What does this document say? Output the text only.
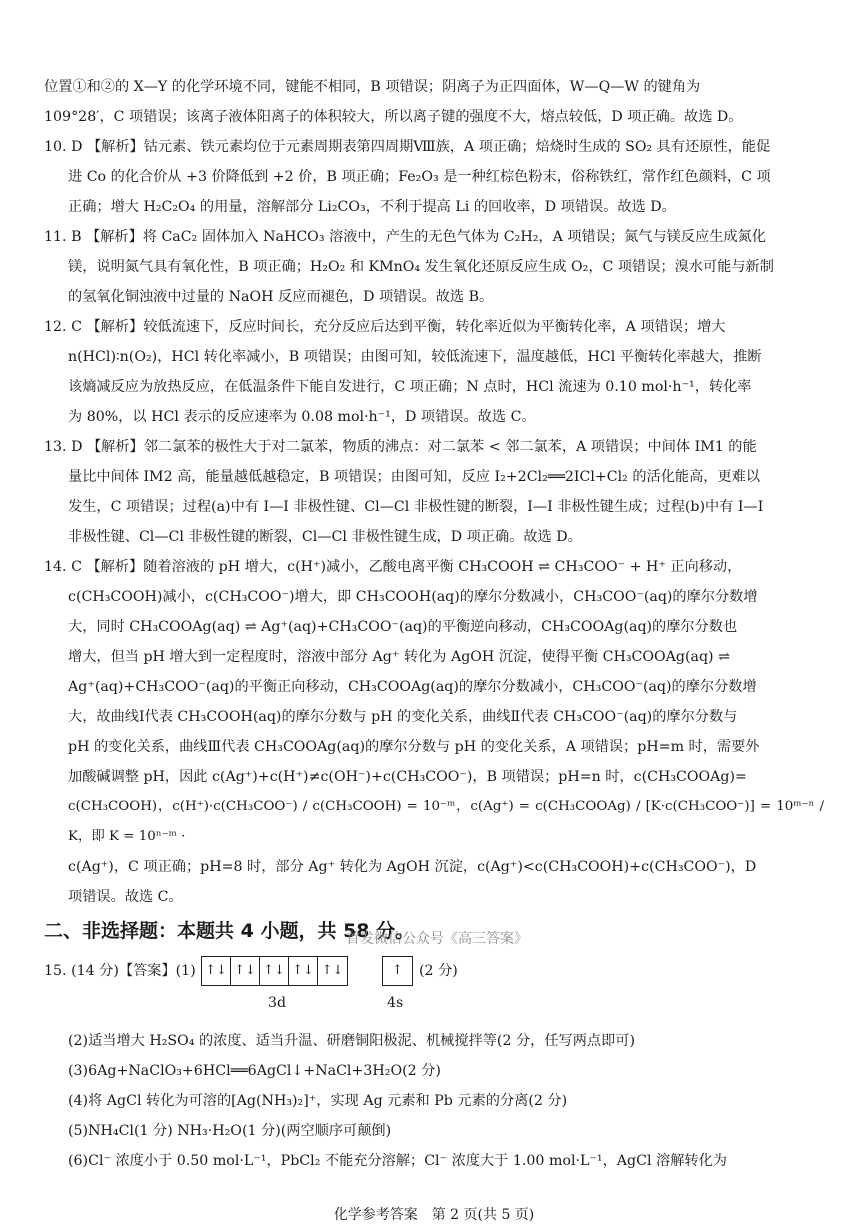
位置①和②的 X—Y 的化学环境不同，键能不相同，B 项错误；阴离子为正四面体，W—Q—W 的键角为

109°28′，C 项错误；该离子液体阳离子的体积较大，所以离子键的强度不大，熔点较低，D 项正确。故选 D。

10. D 【解析】钴元素、铁元素均位于元素周期表第四周期Ⅷ族，A 项正确；焙烧时生成的 SO₂ 具有还原性，能促

进 Co 的化合价从 +3 价降低到 +2 价，B 项正确；Fe₂O₃ 是一种红棕色粉末，俗称铁红，常作红色颜料，C 项

正确；增大 H₂C₂O₄ 的用量，溶解部分 Li₂CO₃，不利于提高 Li 的回收率，D 项错误。故选 D。

11. B 【解析】将 CaC₂ 固体加入 NaHCO₃ 溶液中，产生的无色气体为 C₂H₂，A 项错误；氮气与镁反应生成氮化

镁，说明氮气具有氧化性，B 项正确；H₂O₂ 和 KMnO₄ 发生氧化还原反应生成 O₂，C 项错误；溴水可能与新制

的氢氧化铜浊液中过量的 NaOH 反应而褪色，D 项错误。故选 B。

12. C 【解析】较低流速下，反应时间长，充分反应后达到平衡，转化率近似为平衡转化率，A 项错误；增大

n(HCl)∶n(O₂)，HCl 转化率减小，B 项错误；由图可知，较低流速下，温度越低，HCl 平衡转化率越大，推断

该熵减反应为放热反应，在低温条件下能自发进行，C 项正确；N 点时，HCl 流速为 0.10 mol·h⁻¹，转化率

为 80%，以 HCl 表示的反应速率为 0.08 mol·h⁻¹，D 项错误。故选 C。

13. D 【解析】邻二氯苯的极性大于对二氯苯，物质的沸点：对二氯苯 < 邻二氯苯，A 项错误；中间体 IM1 的能

量比中间体 IM2 高，能量越低越稳定，B 项错误；由图可知，反应 I₂+2Cl₂══2ICl+Cl₂ 的活化能高，更难以

发生，C 项错误；过程(a)中有 I—I 非极性键、Cl—Cl 非极性键的断裂，I—I 非极性键生成；过程(b)中有 I—I

非极性键、Cl—Cl 非极性键的断裂，Cl—Cl 非极性键生成，D 项正确。故选 D。

14. C 【解析】随着溶液的 pH 增大，c(H⁺)减小，乙酸电离平衡 CH₃COOH ⇌ CH₃COO⁻ + H⁺ 正向移动，

c(CH₃COOH)减小，c(CH₃COO⁻)增大，即 CH₃COOH(aq)的摩尔分数减小，CH₃COO⁻(aq)的摩尔分数增

大，同时 CH₃COOAg(aq) ⇌ Ag⁺(aq)+CH₃COO⁻(aq)的平衡逆向移动，CH₃COOAg(aq)的摩尔分数也

增大，但当 pH 增大到一定程度时，溶液中部分 Ag⁺ 转化为 AgOH 沉淀，使得平衡 CH₃COOAg(aq) ⇌

Ag⁺(aq)+CH₃COO⁻(aq)的平衡正向移动，CH₃COOAg(aq)的摩尔分数减小，CH₃COO⁻(aq)的摩尔分数增

大，故曲线Ⅰ代表 CH₃COOH(aq)的摩尔分数与 pH 的变化关系，曲线Ⅱ代表 CH₃COO⁻(aq)的摩尔分数与

pH 的变化关系，曲线Ⅲ代表 CH₃COOAg(aq)的摩尔分数与 pH 的变化关系，A 项错误；pH=m 时，需要外

加酸碱调整 pH，因此 c(Ag⁺)+c(H⁺)≠c(OH⁻)+c(CH₃COO⁻)，B 项错误；pH=n 时，c(CH₃COOAg)=

c(CH₃COOH)，c(H⁺)·c(CH₃COO⁻) / c(CH₃COOH) = 10⁻ᵐ，c(Ag⁺) = c(CH₃COOAg) / [K·c(CH₃COO⁻)] = 10ᵐ⁻ⁿ / K，即 K = 10ⁿ⁻ᵐ ·

c(Ag⁺)，C 项正确；pH=8 时，部分 Ag⁺ 转化为 AgOH 沉淀，c(Ag⁺)<c(CH₃COOH)+c(CH₃COO⁻)，D

项错误。故选 C。

二、非选择题：本题共 4 小题，共 58 分。
首发微信公众号《高三答案》
15. (14 分)【答案】(1) ↑↓ ↑↓ ↑↓ ↑↓ ↑↓	↑	(2 分)
3d	4s

(2)适当增大 H₂SO₄ 的浓度、适当升温、研磨铜阳极泥、机械搅拌等(2 分，任写两点即可)

(3)6Ag+NaClO₃+6HCl══6AgCl↓+NaCl+3H₂O(2 分)

(4)将 AgCl 转化为可溶的[Ag(NH₃)₂]⁺，实现 Ag 元素和 Pb 元素的分离(2 分)

(5)NH₄Cl(1 分) NH₃·H₂O(1 分)(两空顺序可颠倒)

(6)Cl⁻ 浓度小于 0.50 mol·L⁻¹，PbCl₂ 不能充分溶解；Cl⁻ 浓度大于 1.00 mol·L⁻¹，AgCl 溶解转化为

化学参考答案　第 2 页(共 5 页)
